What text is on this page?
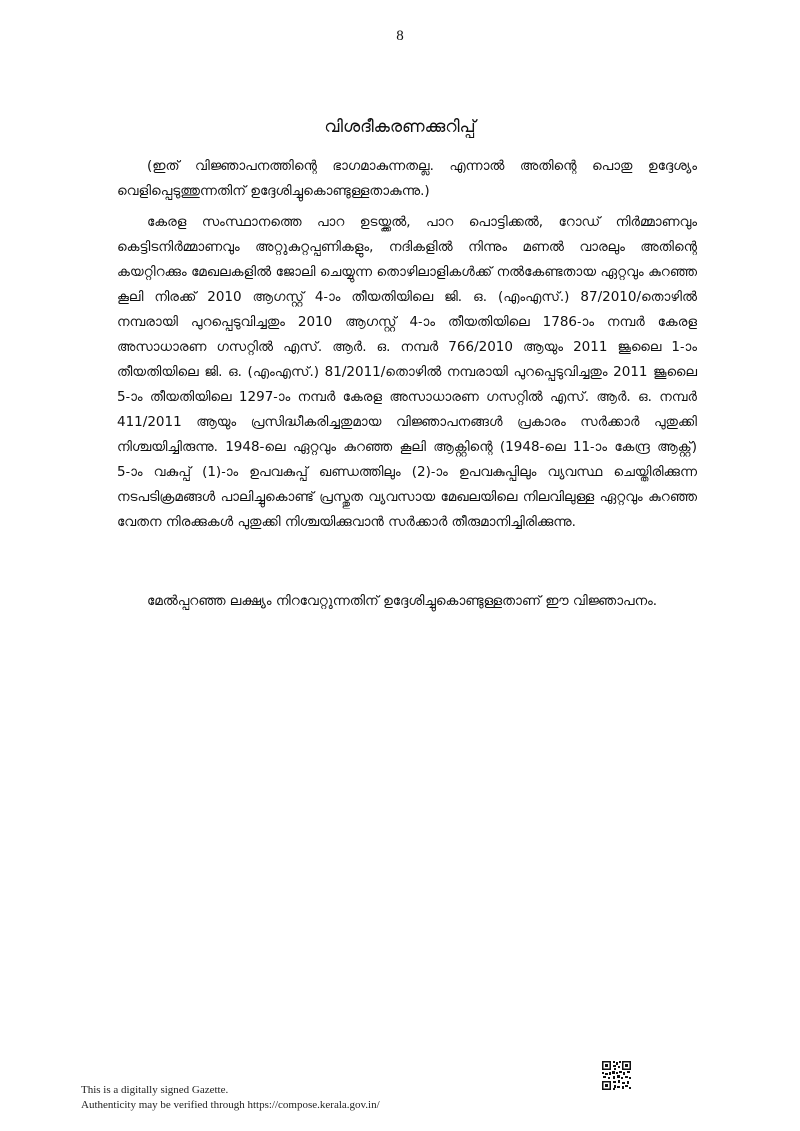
8
വിശദീകരണക്കുറിപ്പ്

(ഇത് വിജ്ഞാപനത്തിന്റെ ഭാഗമാകുന്നതല്ല. എന്നാൽ അതിന്റെ പൊതു ഉദ്ദേശ്യം വെളിപ്പെടുത്തുന്നതിന് ഉദ്ദേശിച്ചുകൊണ്ടുള്ളതാകുന്നു.)

കേരള സംസ്ഥാനത്തെ പാറ ഉടയ്ക്കൽ, പാറ പൊട്ടിക്കൽ, റോഡ് നിർമ്മാണവും കെട്ടിടനിർമ്മാണവും അറ്റുകുറ്റപ്പണികളും, നദികളിൽ നിന്നും മണൽ വാരലും അതിന്റെ കയറ്റിറക്കും മേഖലകളിൽ ജോലി ചെയ്യുന്ന തൊഴിലാളികൾക്ക് നൽകേണ്ടതായ ഏറ്റവും കുറഞ്ഞ കൂലി നിരക്ക് 2010 ആഗസ്റ്റ് 4-ാം തീയതിയിലെ ജി. ഒ. (എംഎസ്.) 87/2010/തൊഴിൽ നമ്പരായി പുറപ്പെടുവിച്ചതും 2010 ആഗസ്റ്റ് 4-ാം തീയതിയിലെ 1786-ാം നമ്പർ കേരള അസാധാരണ ഗസറ്റിൽ എസ്. ആർ. ഒ. നമ്പർ 766/2010 ആയും 2011 ജൂലൈ 1-ാം തീയതിയിലെ ജി. ഒ. (എംഎസ്.) 81/2011/തൊഴിൽ നമ്പരായി പുറപ്പെടുവിച്ചതും 2011 ജൂലൈ 5-ാം തീയതിയിലെ 1297-ാം നമ്പർ കേരള അസാധാരണ ഗസറ്റിൽ എസ്. ആർ. ഒ. നമ്പർ 411/2011 ആയും പ്രസിദ്ധീകരിച്ചതുമായ വിജ്ഞാപനങ്ങൾ പ്രകാരം സർക്കാർ പുതുക്കി നിശ്ചയിച്ചിരുന്നു. 1948-ലെ ഏറ്റവും കുറഞ്ഞ കൂലി ആക്റ്റിന്റെ (1948-ലെ 11-ാം കേന്ദ്ര ആക്റ്റ്) 5-ാം വകുപ്പ് (1)-ാം ഉപവകുപ്പ് ഖണ്ഡത്തിലും (2)-ാം ഉപവകുപ്പിലും വ്യവസ്ഥ ചെയ്തിരിക്കുന്ന നടപടിക്രമങ്ങൾ പാലിച്ചുകൊണ്ട് പ്രസ്തുത വ്യവസായ മേഖലയിലെ നിലവിലുള്ള ഏറ്റവും കുറഞ്ഞ വേതന നിരക്കുകൾ പുതുക്കി നിശ്ചയിക്കുവാൻ സർക്കാർ തീരുമാനിച്ചിരിക്കുന്നു.

മേൽപ്പറഞ്ഞ ലക്ഷ്യം നിറവേറ്റുന്നതിന് ഉദ്ദേശിച്ചുകൊണ്ടുള്ളതാണ് ഈ വിജ്ഞാപനം.

This is a digitally signed Gazette.
Authenticity may be verified through https://compose.kerala.gov.in/
